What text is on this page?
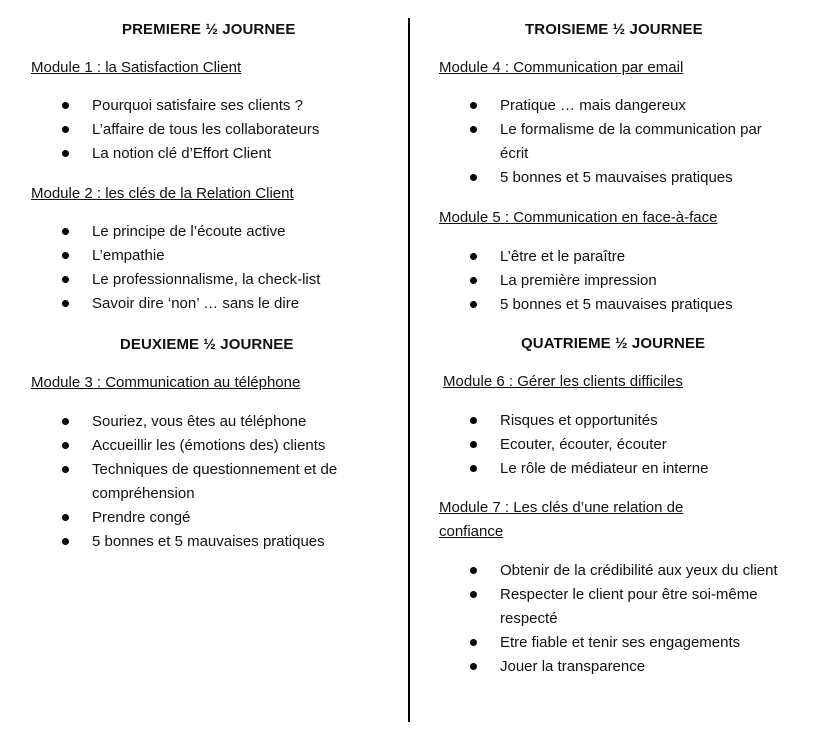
PREMIERE ½ JOURNEE
Module 1 : la Satisfaction Client
Pourquoi satisfaire ses clients ?
L’affaire de tous les collaborateurs
La notion clé d’Effort Client
Module 2 : les clés de la Relation Client
Le principe de l’écoute active
L’empathie
Le professionnalisme, la check-list
Savoir dire ‘non’ … sans le dire
DEUXIEME ½ JOURNEE
Module 3 : Communication au téléphone
Souriez, vous êtes au téléphone
Accueillir les (émotions des) clients
Techniques de questionnement et de compréhension
Prendre congé
5 bonnes et 5 mauvaises pratiques
TROISIEME ½ JOURNEE
Module 4 : Communication par email
Pratique … mais dangereux
Le formalisme de la communication par écrit
5 bonnes et 5 mauvaises pratiques
Module 5 : Communication en face-à-face
L’être et le paraître
La première impression
5 bonnes et 5 mauvaises pratiques
QUATRIEME ½ JOURNEE
Module 6 : Gérer les clients difficiles
Risques et opportunités
Ecouter, écouter, écouter
Le rôle de médiateur en interne
Module 7 : Les clés d’une relation de confiance
Obtenir de la crédibilité aux yeux du client
Respecter le client pour être soi-même respecté
Etre fiable et tenir ses engagements
Jouer la transparence
